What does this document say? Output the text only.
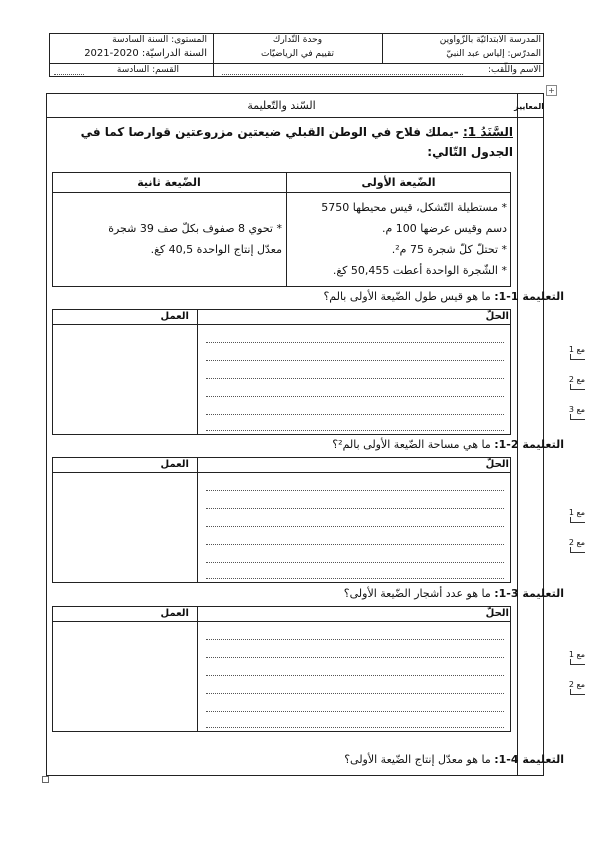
المدرسة الابتدائيّة بالزّواوين
المدرّس: إلياس عبد النبيّ
وحدة التّدارك
تقييم في الرياضيّات
المستوى: السنة السادسة
السنة الدراسيّة: 2020-2021
الاسم واللّقب:
القسم: السادسة
+
المعايير
السّند والتّعليمة
السَّنَدُ 1: -يملك فلاح في الوطن القبلي ضيعتين مزروعتين قوارصا كما في الجدول التّالي:
الضّيعة الأولى
الضّيعة ثانية
* مستطيلة التّشكل، قيس محيطها 5750
دسم وقيس عرضها 100 م.
* تحتلّ كلّ شجرة 75 م².
* الشّجرة الواحدة أعطت 50,455 كغ.
* تحوي 8 صفوف بكلّ صف 39 شجرة
معدّل إنتاج الواحدة 40,5 كغ.
التعليمة 1-1: ما هو قيس طول الضّيعة الأولى بالم؟
الحلّ
العمل
مع 1
مع 2
مع 3
التعليمة 2-1: ما هي مساحة الضّيعة الأولى بالم²؟
الحلّ
العمل
مع 1
مع 2
التعليمة 3-1: ما هو عدد أشجار الضّيعة الأولى؟
الحلّ
العمل
مع 1
مع 2
التعليمة 4-1: ما هو معدّل إنتاج الضّيعة الأولى؟
